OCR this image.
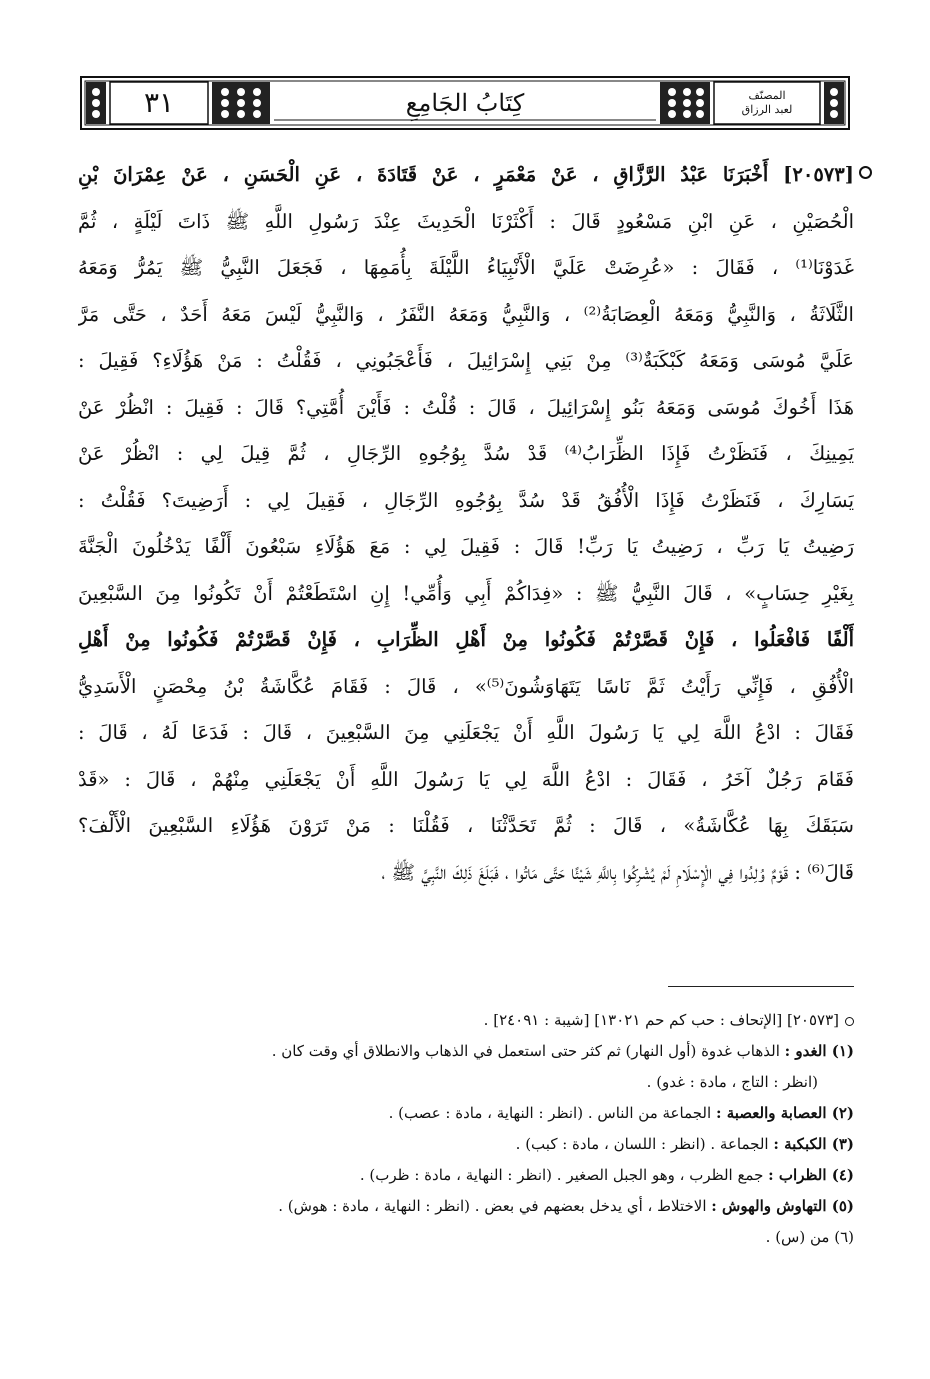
٣١	كِتَابُ الجَامِعِ	المصنّف
لعبد الرزاق
[٢٠٥٧٣] أَخْبَرَنَا عَبْدُ الرَّزَّاقِ ، عَنْ مَعْمَرٍ ، عَنْ قَتَادَةَ ، عَنِ الْحَسَنِ ، عَنْ عِمْرَانَ بْنِ
الْحُصَيْنِ ، عَنِ ابْنِ مَسْعُودٍ قَالَ : أَكْثَرْنَا الْحَدِيثَ عِنْدَ رَسُولِ اللَّهِ ﷺ ذَاتَ لَيْلَةٍ ، ثُمَّ
غَدَوْنَا⁽¹⁾ ، فَقَالَ : «عُرِضَتْ عَلَيَّ الْأَنْبِيَاءُ اللَّيْلَةَ بِأُمَمِهَا ، فَجَعَلَ النَّبِيُّ ﷺ يَمُرُّ وَمَعَهُ
الثَّلَاثَةُ ، وَالنَّبِيُّ وَمَعَهُ الْعِصَابَةُ⁽²⁾ ، وَالنَّبِيُّ وَمَعَهُ النَّفَرُ ، وَالنَّبِيُّ لَيْسَ مَعَهُ أَحَدٌ ، حَتَّى مَرَّ
عَلَيَّ مُوسَى وَمَعَهُ كَبْكَبَةٌ⁽³⁾ مِنْ بَنِي إِسْرَائِيلَ ، فَأَعْجَبُونِي ، فَقُلْتُ : مَنْ هَؤُلَاءِ؟ فَقِيلَ :
هَذَا أَخُوكَ مُوسَى وَمَعَهُ بَنُو إِسْرَائِيلَ ، قَالَ : قُلْتُ : فَأَيْنَ أُمَّتِي؟ قَالَ : فَقِيلَ : انْظُرْ عَنْ
يَمِينِكَ ، فَنَظَرْتُ فَإِذَا الظِّرَابُ⁽⁴⁾ قَدْ سُدَّ بِوُجُوهِ الرِّجَالِ ، ثُمَّ قِيلَ لِي : انْظُرْ عَنْ
يَسَارِكَ ، فَنَظَرْتُ فَإِذَا الْأُفُقُ قَدْ سُدَّ بِوُجُوهِ الرِّجَالِ ، فَقِيلَ لِي : أَرَضِيتَ؟ فَقُلْتُ :
رَضِيتُ يَا رَبِّ ، رَضِيتُ يَا رَبِّ! قَالَ : فَقِيلَ لِي : مَعَ هَؤُلَاءِ سَبْعُونَ أَلْفًا يَدْخُلُونَ الْجَنَّةَ
بِغَيْرِ حِسَابٍ» ، قَالَ النَّبِيُّ ﷺ : «فِدَاكُمْ أَبِي وَأُمِّي! إِنِ اسْتَطَعْتُمْ أَنْ تَكُونُوا مِنَ السَّبْعِينَ
أَلْفًا فَافْعَلُوا ، فَإِنْ قَصَّرْتُمْ فَكُونُوا مِنْ أَهْلِ الظِّرَابِ ، فَإِنْ قَصَّرْتُمْ فَكُونُوا مِنْ أَهْلِ
الْأُفُقِ ، فَإِنِّي رَأَيْتُ ثَمَّ نَاسًا يَتَهَاوَشُونَ⁽⁵⁾» ، قَالَ : فَقَامَ عُكَّاشَةُ بْنُ مِحْصَنٍ الْأَسَدِيُّ
فَقَالَ : ادْعُ اللَّهَ لِي يَا رَسُولَ اللَّهِ أَنْ يَجْعَلَنِي مِنَ السَّبْعِينَ ، قَالَ : فَدَعَا لَهُ ، قَالَ :
فَقَامَ رَجُلٌ آخَرُ ، فَقَالَ : ادْعُ اللَّهَ لِي يَا رَسُولَ اللَّهِ أَنْ يَجْعَلَنِي مِنْهُمْ ، قَالَ : «قَدْ
سَبَقَكَ بِهَا عُكَّاشَةُ» ، قَالَ : ثُمَّ تَحَدَّثْنَا ، فَقُلْنَا : مَنْ تَرَوْنَ هَؤُلَاءِ السَّبْعِينَ الْأَلْفَ؟
قَالَ⁽⁶⁾ : قَوْمٌ وُلِدُوا فِي الْإِسْلَامِ لَمْ يُشْرِكُوا بِاللَّهِ شَيْئًا حَتَّى مَاتُوا ، فَبَلَغَ ذَلِكَ النَّبِيَّ ﷺ ،
[٢٠٥٧٣] [الإتحاف : حب كم حم ١٣٠٢١] [شيبة : ٢٤٠٩١] .
(١) الغدو : الذهاب غدوة (أول النهار) ثم كثر حتى استعمل في الذهاب والانطلاق أي وقت كان .
(انظر : التاج ، مادة : غدو) .
(٢) العصابة والعصبة : الجماعة من الناس . (انظر : النهاية ، مادة : عصب) .
(٣) الكبكبة : الجماعة . (انظر : اللسان ، مادة : كبب) .
(٤) الظراب : جمع الظرب ، وهو الجبل الصغير . (انظر : النهاية ، مادة : ظرب) .
(٥) التهاوش والهوش : الاختلاط ، أي يدخل بعضهم في بعض . (انظر : النهاية ، مادة : هوش) .
(٦) من (س) .
